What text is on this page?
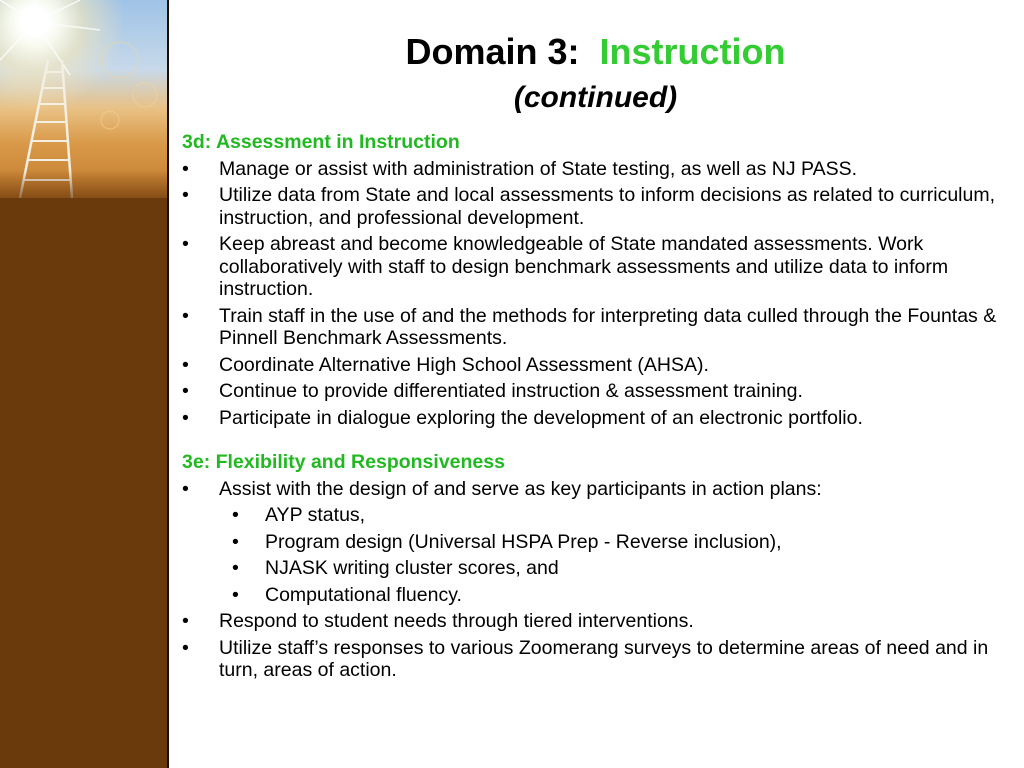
Domain 3: Instruction
(continued)
3d: Assessment in Instruction
• Manage or assist with administration of State testing, as well as NJ PASS.
• Utilize data from State and local assessments to inform decisions as related to curriculum, instruction, and professional development.
• Keep abreast and become knowledgeable of State mandated assessments. Work collaboratively with staff to design benchmark assessments and utilize data to inform instruction.
• Train staff in the use of and the methods for interpreting data culled through the Fountas & Pinnell Benchmark Assessments.
• Coordinate Alternative High School Assessment (AHSA).
• Continue to provide differentiated instruction & assessment training.
• Participate in dialogue exploring the development of an electronic portfolio.
3e: Flexibility and Responsiveness
• Assist with the design of and serve as key participants in action plans:
• AYP status,
• Program design (Universal HSPA Prep - Reverse inclusion),
• NJASK writing cluster scores, and
• Computational fluency.
• Respond to student needs through tiered interventions.
• Utilize staff’s responses to various Zoomerang surveys to determine areas of need and in turn, areas of action.
